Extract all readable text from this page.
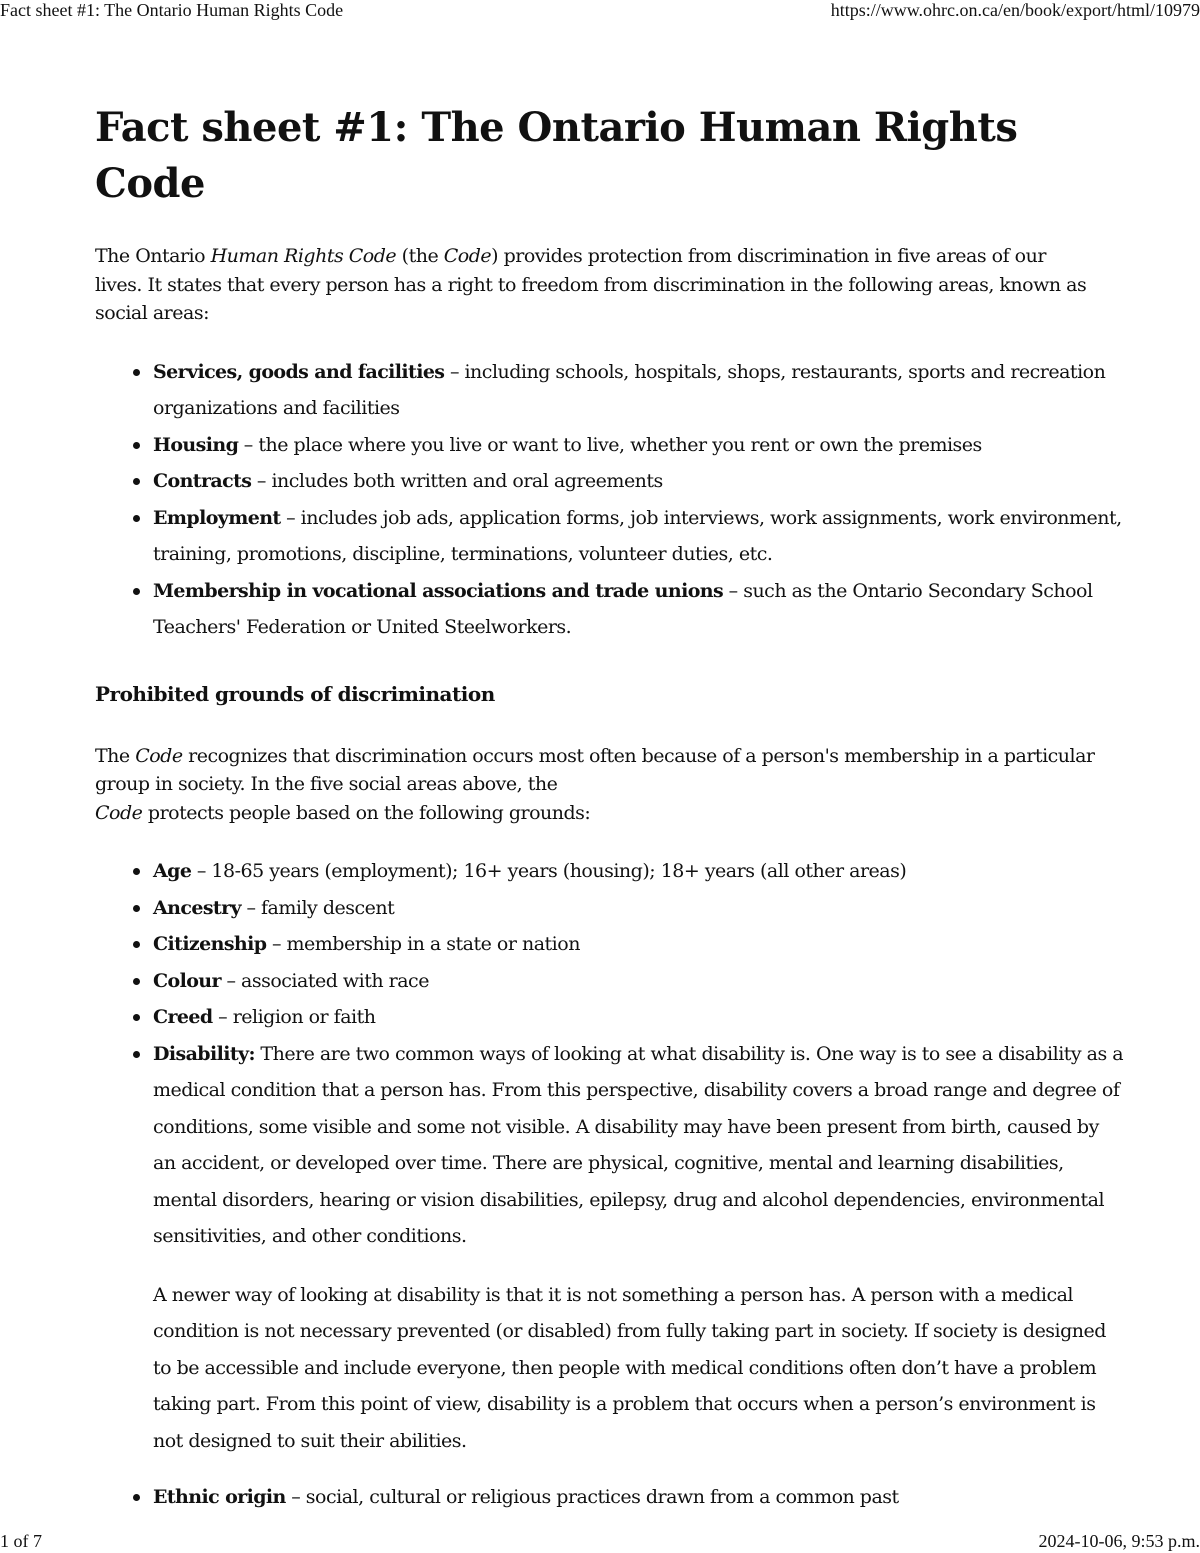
Fact sheet #1: The Ontario Human Rights Code	https://www.ohrc.on.ca/en/book/export/html/10979
Fact sheet #1: The Ontario Human Rights Code

The Ontario Human Rights Code (the Code) provides protection from discrimination in five areas of our lives. It states that every person has a right to freedom from discrimination in the following areas, known as social areas:

Services, goods and facilities – including schools, hospitals, shops, restaurants, sports and recreation organizations and facilities
Housing – the place where you live or want to live, whether you rent or own the premises
Contracts – includes both written and oral agreements
Employment – includes job ads, application forms, job interviews, work assignments, work environment, training, promotions, discipline, terminations, volunteer duties, etc.
Membership in vocational associations and trade unions – such as the Ontario Secondary School Teachers' Federation or United Steelworkers.
Prohibited grounds of discrimination

The Code recognizes that discrimination occurs most often because of a person's membership in a particular group in society. In the five social areas above, the
Code protects people based on the following grounds:

Age – 18-65 years (employment); 16+ years (housing); 18+ years (all other areas)
Ancestry – family descent
Citizenship – membership in a state or nation
Colour – associated with race
Creed – religion or faith
Disability: There are two common ways of looking at what disability is. One way is to see a disability as a medical condition that a person has. From this perspective, disability covers a broad range and degree of conditions, some visible and some not visible. A disability may have been present from birth, caused by an accident, or developed over time. There are physical, cognitive, mental and learning disabilities, mental disorders, hearing or vision disabilities, epilepsy, drug and alcohol dependencies, environmental sensitivities, and other conditions.
A newer way of looking at disability is that it is not something a person has. A person with a medical condition is not necessary prevented (or disabled) from fully taking part in society. If society is designed to be accessible and include everyone, then people with medical conditions often don’t have a problem taking part. From this point of view, disability is a problem that occurs when a person’s environment is not designed to suit their abilities.
Ethnic origin – social, cultural or religious practices drawn from a common past
1 of 7	2024-10-06, 9:53 p.m.
